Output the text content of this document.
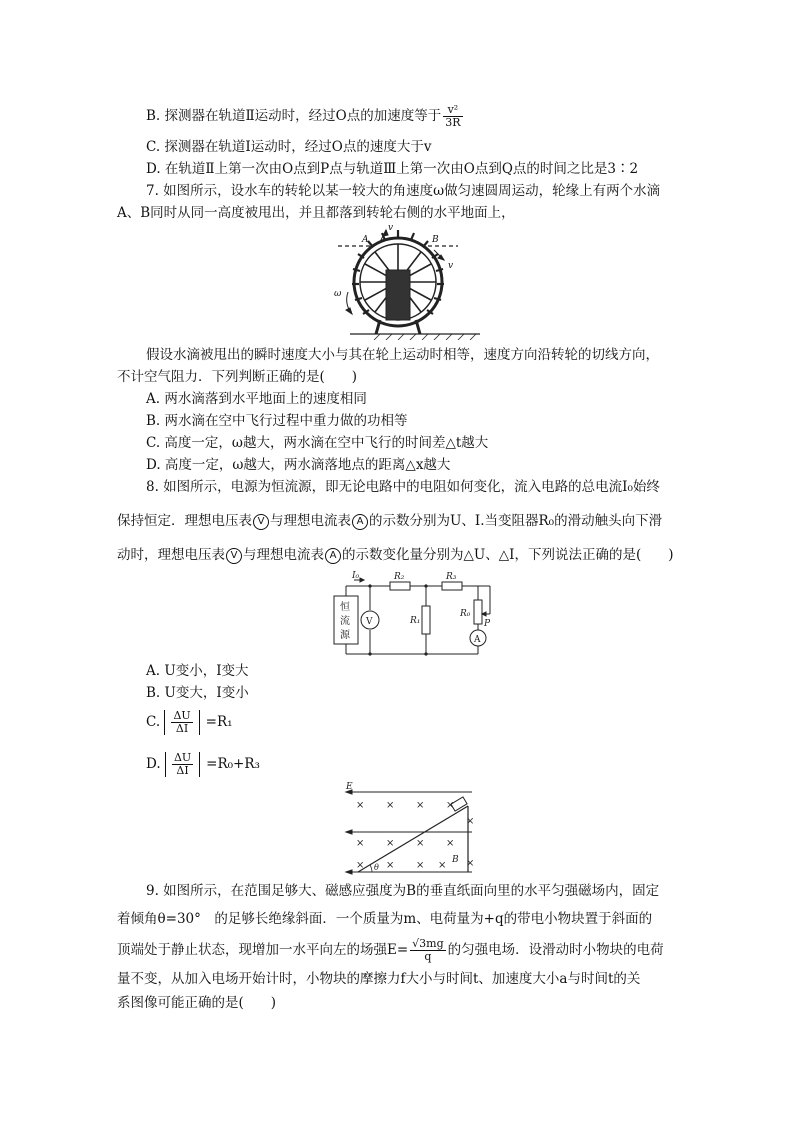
B. 探测器在轨道Ⅱ运动时，经过O点的加速度等于 $\frac{\text{v²}}{3R}$
C. 探测器在轨道Ⅰ运动时，经过O点的速度大于v
D. 在轨道Ⅱ上第一次由O点到P点与轨道Ⅲ上第一次由O点到Q点的时间之比是3∶2
7. 如图所示，设水车的转轮以某一较大的角速度ω做匀速圆周运动，轮缘上有两个水滴
A、B同时从同一高度被甩出，并且都落到转轮右侧的水平地面上，
A	B
v
v
ω
假设水滴被甩出的瞬时速度大小与其在轮上运动时相等，速度方向沿转轮的切线方向，
不计空气阻力．下列判断正确的是(　　)
A. 两水滴落到水平地面上的速度相同
B. 两水滴在空中飞行过程中重力做的功相等
C. 高度一定，ω越大，两水滴在空中飞行的时间差△t越大
D. 高度一定，ω越大，两水滴落地点的距离△x越大
8. 如图所示，电源为恒流源，即无论电路中的电阻如何变化，流入电路的总电流I₀始终
保持恒定．理想电压表 V 与理想电流表 A 的示数分别为U、I.当变阻器R₀的滑动触头向下滑
动时，理想电压表 V 与理想电流表 A 的示数变化量分别为△U、△I，下列说法正确的是(　　)
恒
流
源
I₀
V
R₂
R₁
R₃
R₀
P
A
A. U变小，I变大
B. U变大，I变小
C. $\frac{\Delta U}{\Delta I} =R_1$
D. $\frac{\Delta U}{\Delta I} =R_0+R_3$
× × × ×
× × × ×
×
× × × × ×
E
B
θ
9. 如图所示，在范围足够大、磁感应强度为B的垂直纸面向里的水平匀强磁场内，固定
着倾角θ=30°　的足够长绝缘斜面．一个质量为m、电荷量为+q的带电小物块置于斜面的
顶端处于静止状态，现增加一水平向左的场强$E= \frac{√3mg}{q}$ 的匀强电场．设滑动时小物块的电荷
量不变，从加入电场开始计时，小物块的摩擦力f大小与时间t、加速度大小a与时间t的关
系图像可能正确的是(　　)
